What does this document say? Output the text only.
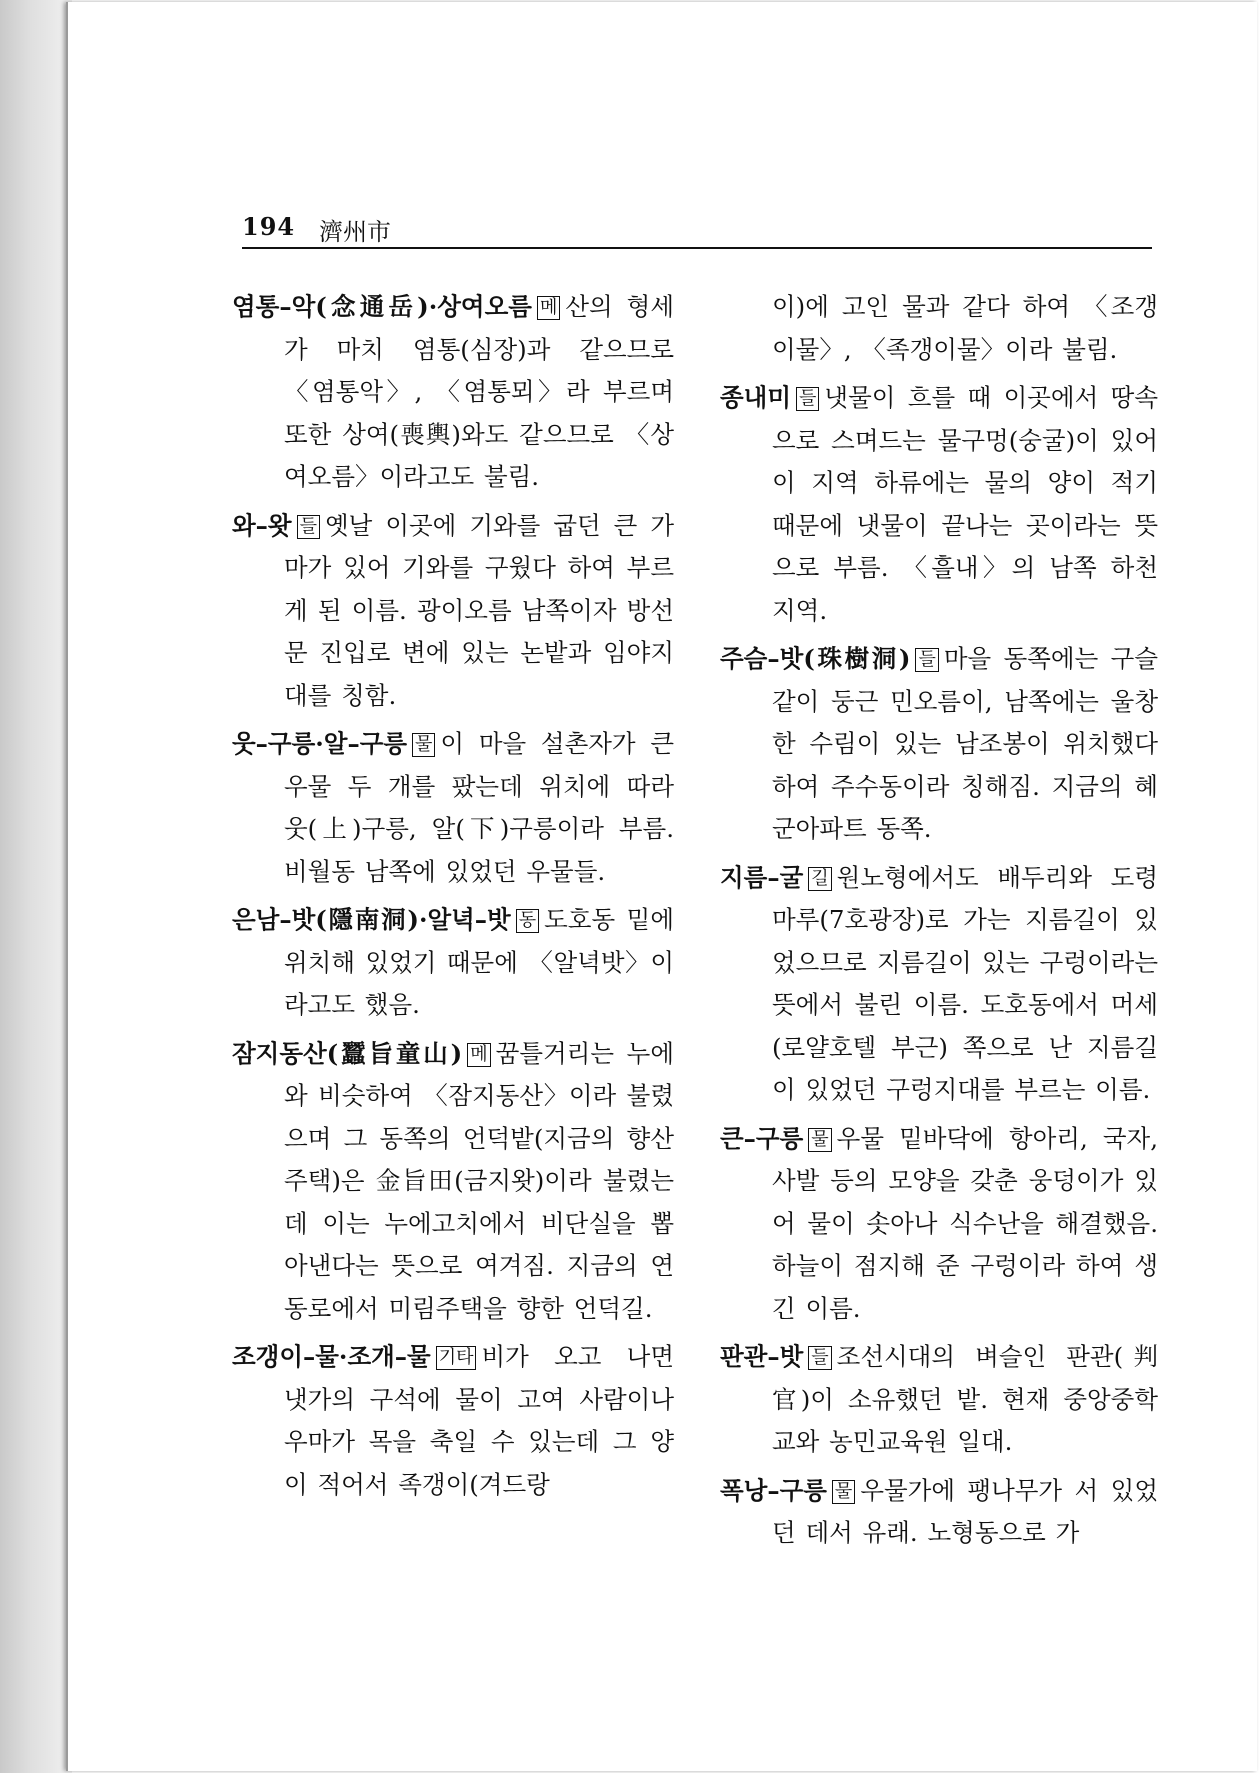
194 濟州市

염통–악(念通岳)·상여오름 메 산의 형세가 마치 염통(심장)과 같으므로 〈염통악〉, 〈염통뫼〉라 부르며 또한 상여(喪輿)와도 같으므로 〈상여오름〉이라고도 불림.

와–왓 들 옛날 이곳에 기와를 굽던 큰 가마가 있어 기와를 구웠다 하여 부르게 된 이름. 광이오름 남쪽이자 방선문 진입로 변에 있는 논밭과 임야지대를 칭함.

웃–구릉·알–구릉 물 이 마을 설촌자가 큰 우물 두 개를 팠는데 위치에 따라 웃(上)구릉, 알(下)구릉이라 부름. 비월동 남쪽에 있었던 우물들.

은남–밧(隱南洞)·알녁–밧 동 도호동 밑에 위치해 있었기 때문에 〈알녁밧〉이라고도 했음.

잠지동산(蠶旨童山) 메 꿈틀거리는 누에와 비슷하여 〈잠지동산〉이라 불렸으며 그 동쪽의 언덕밭(지금의 향산주택)은 金旨田(금지왓)이라 불렸는데 이는 누에고치에서 비단실을 뽑아낸다는 뜻으로 여겨짐. 지금의 연동로에서 미림주택을 향한 언덕길.

조갱이–물·조개–물 기타 비가 오고 나면 냇가의 구석에 물이 고여 사람이나 우마가 목을 축일 수 있는데 그 양이 적어서 족갱이(겨드랑

이)에 고인 물과 같다 하여 〈조갱이물〉, 〈족갱이물〉이라 불림.

종내미 들 냇물이 흐를 때 이곳에서 땅속으로 스며드는 물구멍(숭굴)이 있어 이 지역 하류에는 물의 양이 적기 때문에 냇물이 끝나는 곳이라는 뜻으로 부름. 〈흘내〉의 남쪽 하천 지역.

주슴–밧(珠樹洞) 들 마을 동쪽에는 구슬같이 둥근 민오름이, 남쪽에는 울창한 수림이 있는 남조봉이 위치했다 하여 주수동이라 칭해짐. 지금의 혜군아파트 동쪽.

지름–굴 길 원노형에서도 배두리와 도령마루(7호광장)로 가는 지름길이 있었으므로 지름길이 있는 구렁이라는 뜻에서 불린 이름. 도호동에서 머세(로얄호텔 부근) 쪽으로 난 지름길이 있었던 구렁지대를 부르는 이름.

큰–구릉 물 우물 밑바닥에 항아리, 국자, 사발 등의 모양을 갖춘 웅덩이가 있어 물이 솟아나 식수난을 해결했음. 하늘이 점지해 준 구렁이라 하여 생긴 이름.

판관–밧 들 조선시대의 벼슬인 판관(判官)이 소유했던 밭. 현재 중앙중학교와 농민교육원 일대.

폭낭–구릉 물 우물가에 팽나무가 서 있었던 데서 유래. 노형동으로 가
